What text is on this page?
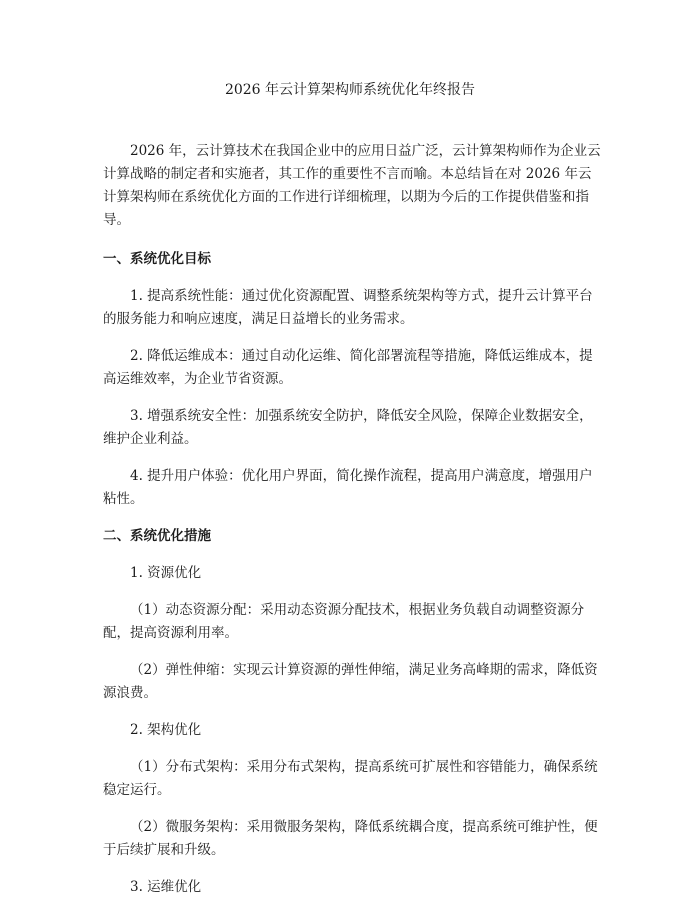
2026 年云计算架构师系统优化年终报告

2026 年，云计算技术在我国企业中的应用日益广泛，云计算架构师作为企业云计算战略的制定者和实施者，其工作的重要性不言而喻。本总结旨在对 2026 年云计算架构师在系统优化方面的工作进行详细梳理，以期为今后的工作提供借鉴和指导。

一、系统优化目标

1. 提高系统性能：通过优化资源配置、调整系统架构等方式，提升云计算平台的服务能力和响应速度，满足日益增长的业务需求。

2. 降低运维成本：通过自动化运维、简化部署流程等措施，降低运维成本，提高运维效率，为企业节省资源。

3. 增强系统安全性：加强系统安全防护，降低安全风险，保障企业数据安全，维护企业利益。

4. 提升用户体验：优化用户界面，简化操作流程，提高用户满意度，增强用户粘性。

二、系统优化措施

1. 资源优化

（1）动态资源分配：采用动态资源分配技术，根据业务负载自动调整资源分配，提高资源利用率。

（2）弹性伸缩：实现云计算资源的弹性伸缩，满足业务高峰期的需求，降低资源浪费。

2. 架构优化

（1）分布式架构：采用分布式架构，提高系统可扩展性和容错能力，确保系统稳定运行。

（2）微服务架构：采用微服务架构，降低系统耦合度，提高系统可维护性，便于后续扩展和升级。

3. 运维优化
